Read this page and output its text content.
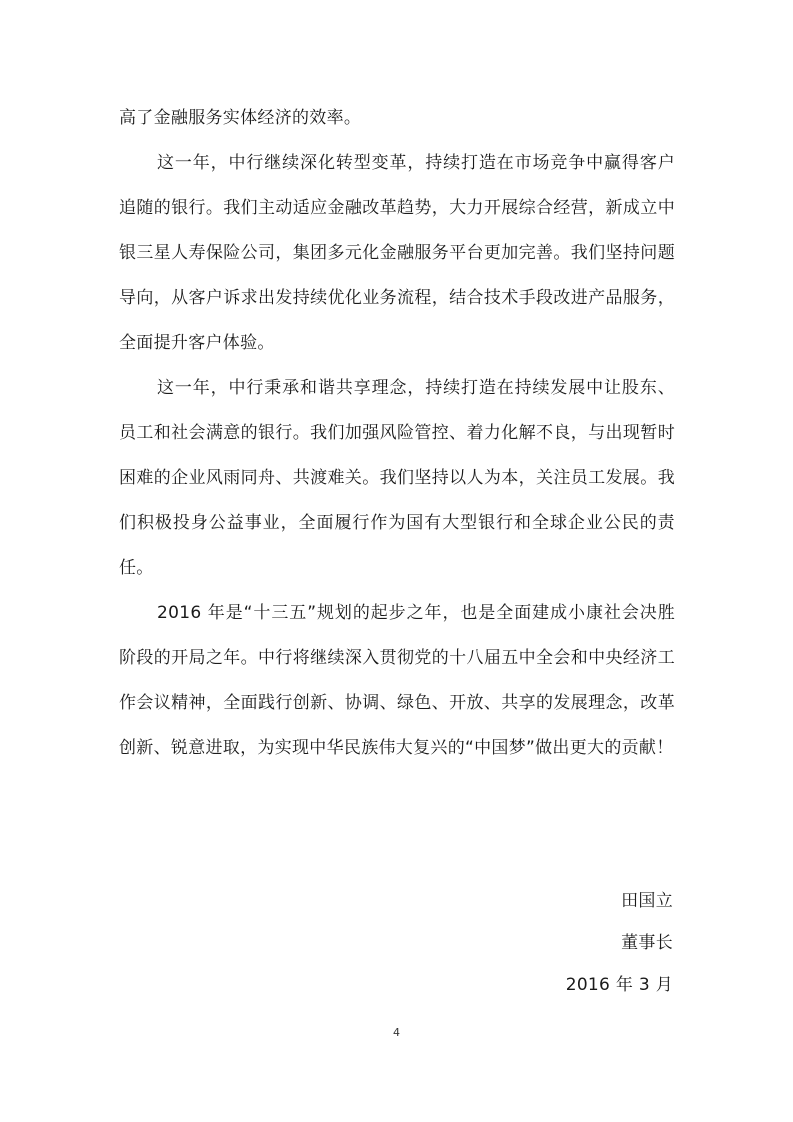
高了金融服务实体经济的效率。

这一年，中行继续深化转型变革，持续打造在市场竞争中赢得客户追随的银行。我们主动适应金融改革趋势，大力开展综合经营，新成立中银三星人寿保险公司，集团多元化金融服务平台更加完善。我们坚持问题导向，从客户诉求出发持续优化业务流程，结合技术手段改进产品服务，全面提升客户体验。

这一年，中行秉承和谐共享理念，持续打造在持续发展中让股东、员工和社会满意的银行。我们加强风险管控、着力化解不良，与出现暂时困难的企业风雨同舟、共渡难关。我们坚持以人为本，关注员工发展。我们积极投身公益事业，全面履行作为国有大型银行和全球企业公民的责任。

2016 年是“十三五”规划的起步之年，也是全面建成小康社会决胜阶段的开局之年。中行将继续深入贯彻党的十八届五中全会和中央经济工作会议精神，全面践行创新、协调、绿色、开放、共享的发展理念，改革创新、锐意进取，为实现中华民族伟大复兴的“中国梦”做出更大的贡献！

田国立
董事长
2016 年 3 月
4
